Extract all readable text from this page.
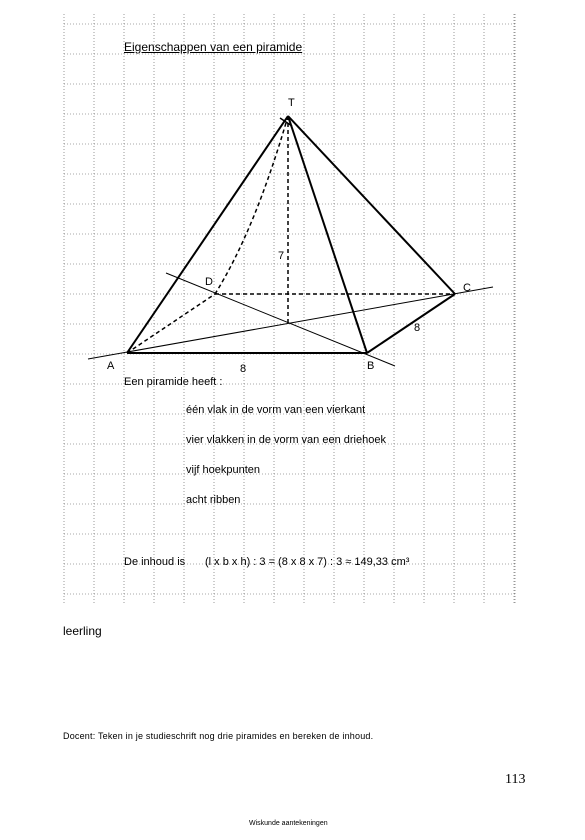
Eigenschappen van een piramide
T
D	C
A	B
7
8
8
Een piramide heeft :
één vlak in de vorm van een vierkant
vier vlakken in de vorm van een driehoek
vijf hoekpunten
acht ribben
De inhoud is (l x b x h) : 3 = (8 x 8 x 7) : 3 ≈ 149,33 cm³
leerling
Docent: Teken in je studieschrift nog drie piramides en bereken de inhoud.
113
Wiskunde aantekeningen
